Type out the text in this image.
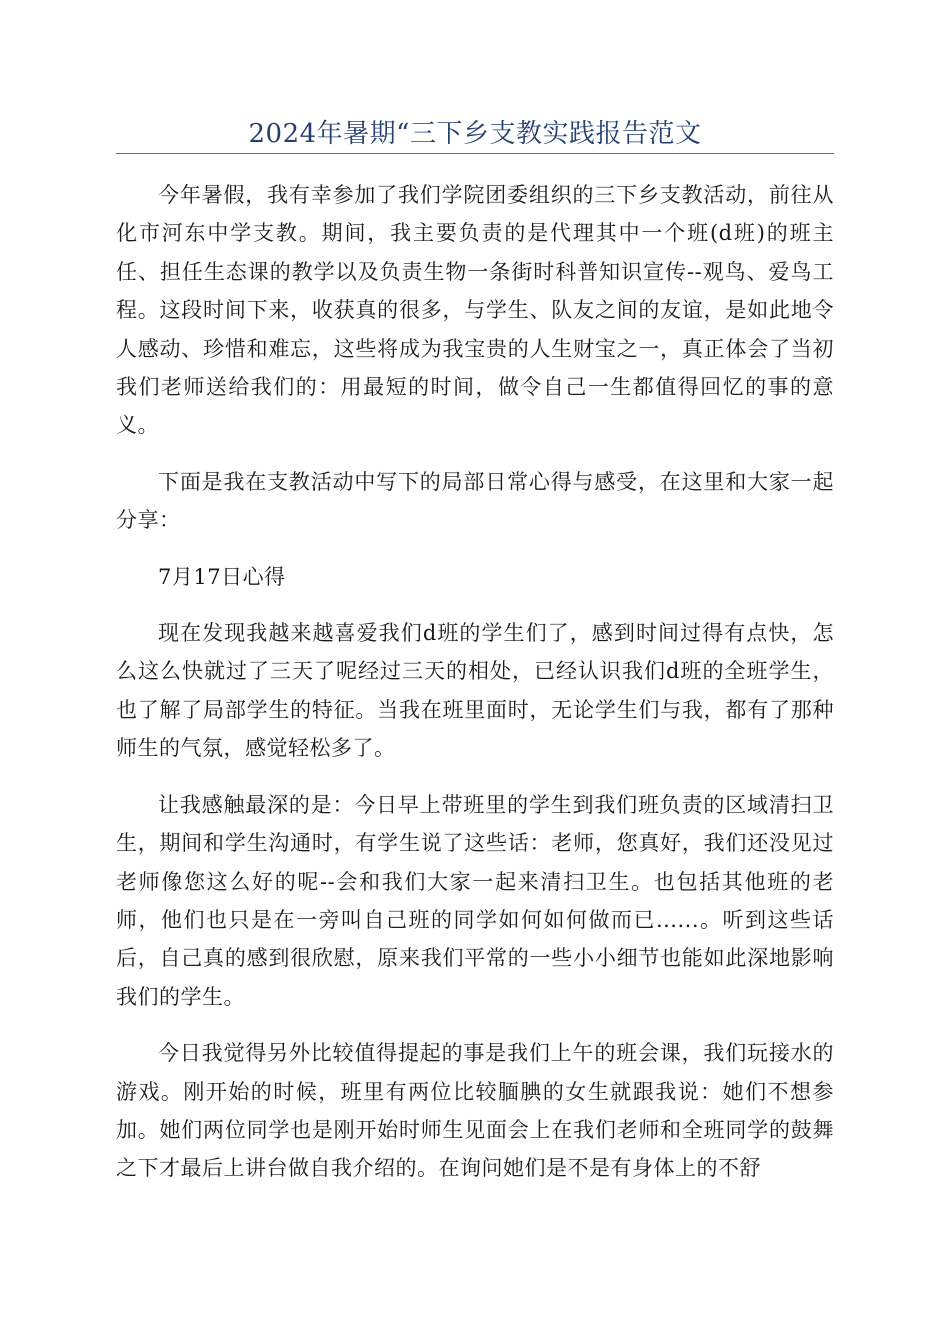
2024年暑期“三下乡支教实践报告范文

今年暑假，我有幸参加了我们学院团委组织的三下乡支教活动，前往从化市河东中学支教。期间，我主要负责的是代理其中一个班(d班)的班主任、担任生态课的教学以及负责生物一条街时科普知识宣传--观鸟、爱鸟工程。这段时间下来，收获真的很多，与学生、队友之间的友谊，是如此地令人感动、珍惜和难忘，这些将成为我宝贵的人生财宝之一，真正体会了当初我们老师送给我们的：用最短的时间，做令自己一生都值得回忆的事的意义。

下面是我在支教活动中写下的局部日常心得与感受，在这里和大家一起分享：

7月17日心得

现在发现我越来越喜爱我们d班的学生们了，感到时间过得有点快，怎么这么快就过了三天了呢经过三天的相处，已经认识我们d班的全班学生，也了解了局部学生的特征。当我在班里面时，无论学生们与我，都有了那种师生的气氛，感觉轻松多了。

让我感触最深的是：今日早上带班里的学生到我们班负责的区域清扫卫生，期间和学生沟通时，有学生说了这些话：老师，您真好，我们还没见过老师像您这么好的呢--会和我们大家一起来清扫卫生。也包括其他班的老师，他们也只是在一旁叫自己班的同学如何如何做而已......。听到这些话后，自己真的感到很欣慰，原来我们平常的一些小小细节也能如此深地影响我们的学生。

今日我觉得另外比较值得提起的事是我们上午的班会课，我们玩接水的游戏。刚开始的时候，班里有两位比较腼腆的女生就跟我说：她们不想参加。她们两位同学也是刚开始时师生见面会上在我们老师和全班同学的鼓舞之下才最后上讲台做自我介绍的。在询问她们是不是有身体上的不舒
